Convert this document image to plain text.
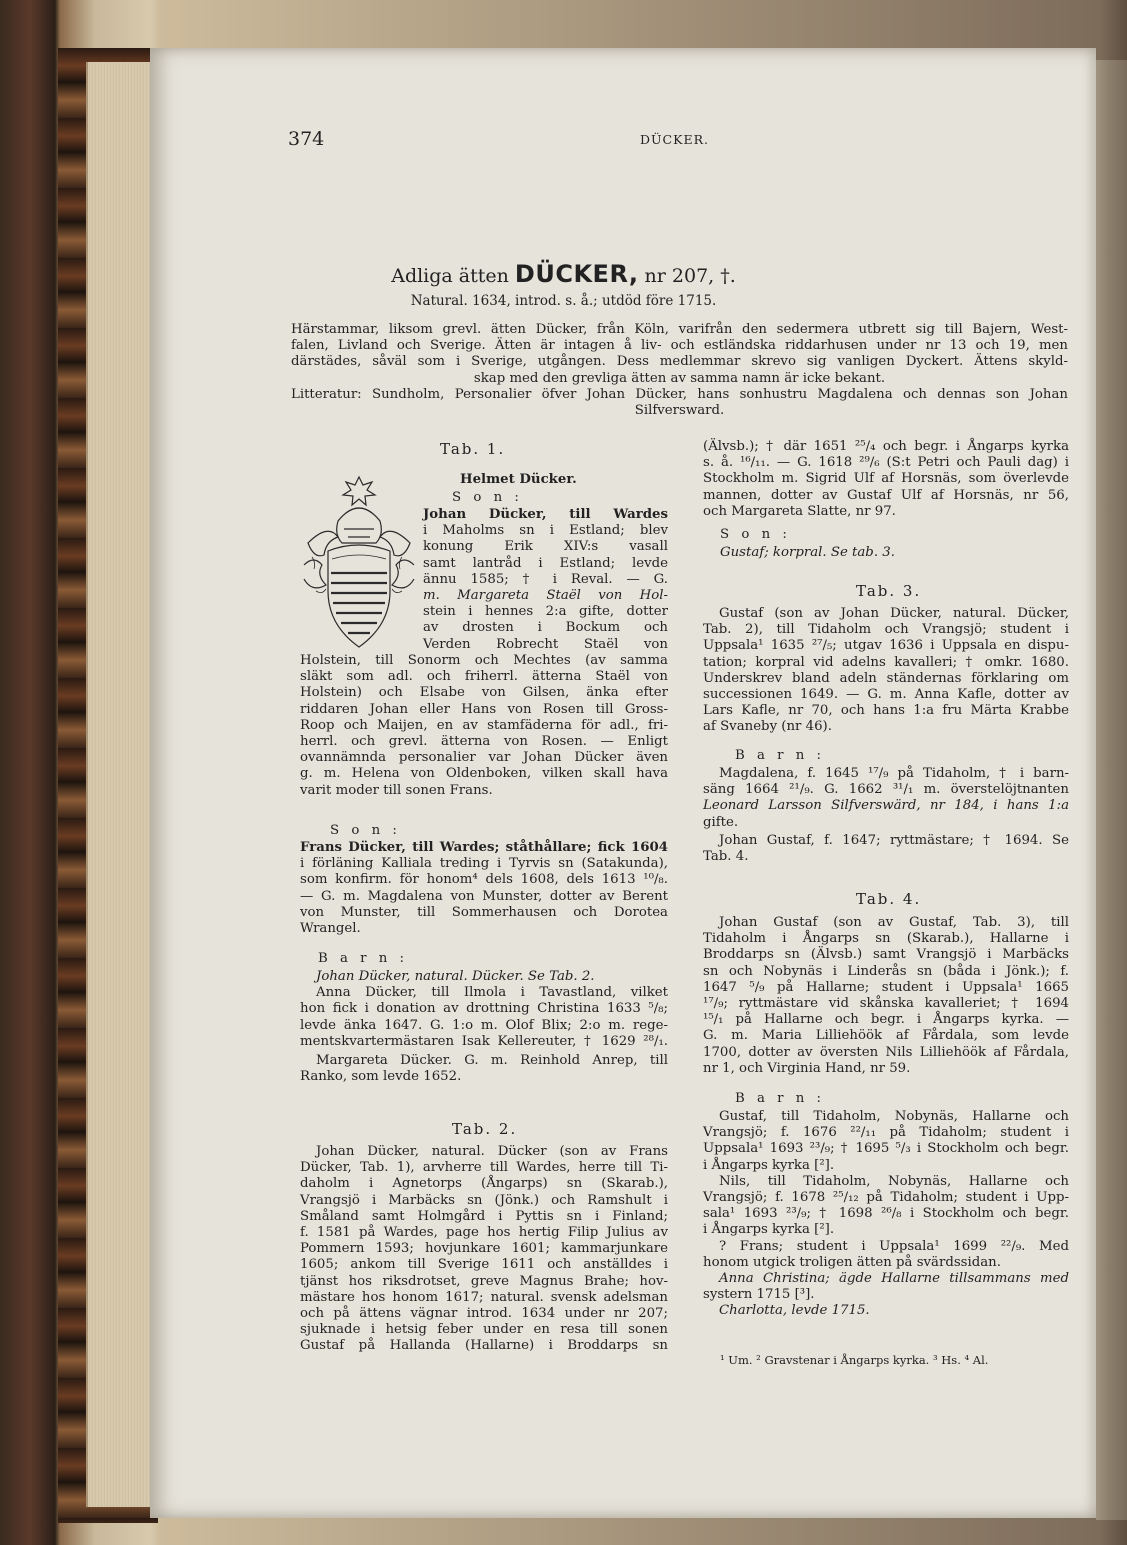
374	DÜCKER.
Adliga ätten DÜCKER, nr 207, †.
Natural. 1634, introd. s. å.; utdöd före 1715.
Härstammar, liksom grevl. ätten Dücker, från Köln, varifrån den sedermera utbrett sig till Bajern, West-
falen, Livland och Sverige. Ätten är intagen å liv- och estländska riddarhusen under nr 13 och 19, men
därstädes, såväl som i Sverige, utgången. Dess medlemmar skrevo sig vanligen Dyckert. Ättens skyld-
skap med den grevliga ätten av samma namn är icke bekant.
Litteratur: Sundholm, Personalier öfver Johan Dücker, hans sonhustru Magdalena och dennas son Johan
Silfversward.
Tab. 1.
Helmet Dücker.
S o n :
Johan Dücker, till Wardes
i Maholms sn i Estland; blev
konung Erik XIV:s vasall
samt lantråd i Estland; levde
ännu 1585; † i Reval. — G.
m. Margareta Staël von Hol-
stein i hennes 2:a gifte, dotter
av drosten i Bockum och
Verden Robrecht Staël von
Holstein, till Sonorm och Mechtes (av samma
släkt som adl. och friherrl. ätterna Staël von
Holstein) och Elsabe von Gilsen, änka efter
riddaren Johan eller Hans von Rosen till Gross-
Roop och Maijen, en av stamfäderna för adl., fri-
herrl. och grevl. ätterna von Rosen. — Enligt
ovannämnda personalier var Johan Dücker även
g. m. Helena von Oldenboken, vilken skall hava
varit moder till sonen Frans.
S o n :
Frans Dücker, till Wardes; ståthållare; fick 1604
i förläning Kalliala treding i Tyrvis sn (Satakunda),
som konfirm. för honom⁴ dels 1608, dels 1613 ¹⁰/₈.
— G. m. Magdalena von Munster, dotter av Berent
von Munster, till Sommerhausen och Dorotea
Wrangel.
B a r n :
Johan Dücker, natural. Dücker. Se Tab. 2.
Anna Dücker, till Ilmola i Tavastland, vilket
hon fick i donation av drottning Christina 1633 ⁵/₈;
levde änka 1647. G. 1:o m. Olof Blix; 2:o m. rege-
mentskvartermästaren Isak Kellereuter, † 1629 ²⁸/₁.
Margareta Dücker. G. m. Reinhold Anrep, till
Ranko, som levde 1652.
Tab. 2.
Johan Dücker, natural. Dücker (son av Frans
Dücker, Tab. 1), arvherre till Wardes, herre till Ti-
daholm i Agnetorps (Ångarps) sn (Skarab.),
Vrangsjö i Marbäcks sn (Jönk.) och Ramshult i
Småland samt Holmgård i Pyttis sn i Finland;
f. 1581 på Wardes, page hos hertig Filip Julius av
Pommern 1593; hovjunkare 1601; kammarjunkare
1605; ankom till Sverige 1611 och anställdes i
tjänst hos riksdrotset, greve Magnus Brahe; hov-
mästare hos honom 1617; natural. svensk adelsman
och på ättens vägnar introd. 1634 under nr 207;
sjuknade i hetsig feber under en resa till sonen
Gustaf på Hallanda (Hallarne) i Broddarps sn
(Älvsb.); † där 1651 ²⁵/₄ och begr. i Ångarps kyrka
s. å. ¹⁶/₁₁. — G. 1618 ²⁹/₆ (S:t Petri och Pauli dag) i
Stockholm m. Sigrid Ulf af Horsnäs, som överlevde
mannen, dotter av Gustaf Ulf af Horsnäs, nr 56,
och Margareta Slatte, nr 97.
S o n :
Gustaf; korpral. Se tab. 3.
Tab. 3.
Gustaf (son av Johan Dücker, natural. Dücker,
Tab. 2), till Tidaholm och Vrangsjö; student i
Uppsala¹ 1635 ²⁷/₅; utgav 1636 i Uppsala en dispu-
tation; korpral vid adelns kavalleri; † omkr. 1680.
Underskrev bland adeln ständernas förklaring om
successionen 1649. — G. m. Anna Kafle, dotter av
Lars Kafle, nr 70, och hans 1:a fru Märta Krabbe
af Svaneby (nr 46).
B a r n :
Magdalena, f. 1645 ¹⁷/₉ på Tidaholm, † i barn-
säng 1664 ²¹/₉. G. 1662 ³¹/₁ m. överstelöjtnanten
Leonard Larsson Silfverswärd, nr 184, i hans 1:a
gifte.
Johan Gustaf, f. 1647; ryttmästare; † 1694. Se
Tab. 4.
Tab. 4.
Johan Gustaf (son av Gustaf, Tab. 3), till
Tidaholm i Ångarps sn (Skarab.), Hallarne i
Broddarps sn (Älvsb.) samt Vrangsjö i Marbäcks
sn och Nobynäs i Linderås sn (båda i Jönk.); f.
1647 ⁵/₉ på Hallarne; student i Uppsala¹ 1665
¹⁷/₉; ryttmästare vid skånska kavalleriet; † 1694
¹⁵/₁ på Hallarne och begr. i Ångarps kyrka. —
G. m. Maria Lilliehöök af Fårdala, som levde
1700, dotter av översten Nils Lilliehöök af Fårdala,
nr 1, och Virginia Hand, nr 59.
B a r n :
Gustaf, till Tidaholm, Nobynäs, Hallarne och
Vrangsjö; f. 1676 ²²/₁₁ på Tidaholm; student i
Uppsala¹ 1693 ²³/₉; † 1695 ⁵/₃ i Stockholm och begr.
i Ångarps kyrka [²].
Nils, till Tidaholm, Nobynäs, Hallarne och
Vrangsjö; f. 1678 ²⁵/₁₂ på Tidaholm; student i Upp-
sala¹ 1693 ²³/₉; † 1698 ²⁶/₈ i Stockholm och begr.
i Ångarps kyrka [²].
? Frans; student i Uppsala¹ 1699 ²²/₉. Med
honom utgick troligen ätten på svärdssidan.
Anna Christina; ägde Hallarne tillsammans med
systern 1715 [³].
Charlotta, levde 1715.
¹ Um. ² Gravstenar i Ångarps kyrka. ³ Hs. ⁴ Al.
